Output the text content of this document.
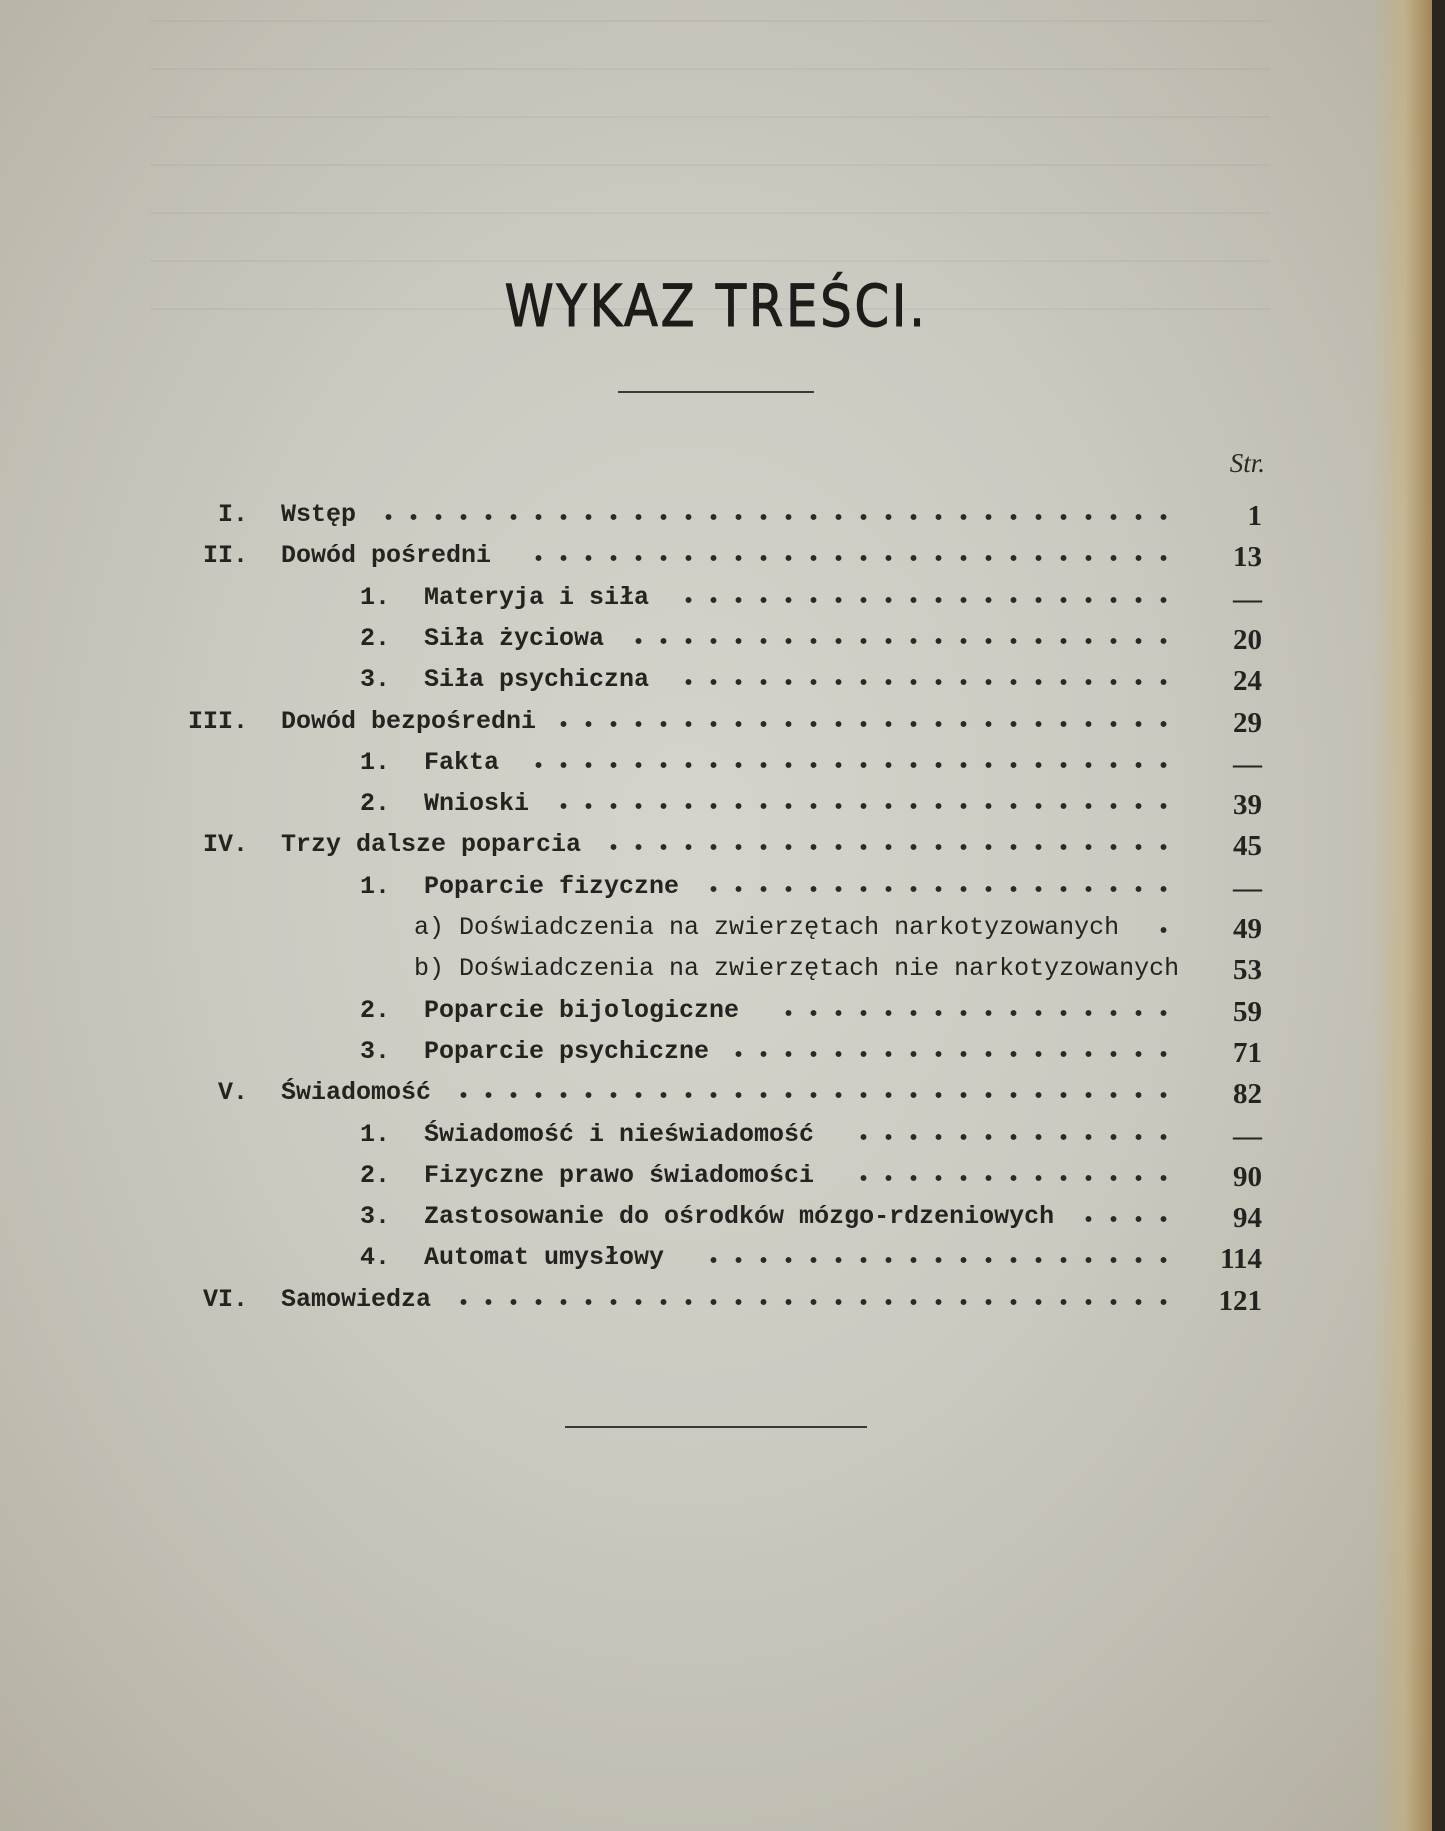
WYKAZ TREŚCI.
Str.
I. Wstęp	1
II. Dowód pośredni	13
1. Materyja i siła	—
2. Siła życiowa	20
3. Siła psychiczna	24
III. Dowód bezpośredni	29
1. Fakta	—
2. Wnioski	39
IV. Trzy dalsze poparcia	45
1. Poparcie fizyczne	—
a) Doświadczenia na zwierzętach narkotyzowanych	49
b) Doświadczenia na zwierzętach nie narkotyzowanych	53
2. Poparcie bijologiczne	59
3. Poparcie psychiczne	71
V. Świadomość	82
1. Świadomość i nieświadomość	—
2. Fizyczne prawo świadomości	90
3. Zastosowanie do ośrodków mózgo-rdzeniowych	94
4. Automat umysłowy	114
VI. Samowiedza	121
